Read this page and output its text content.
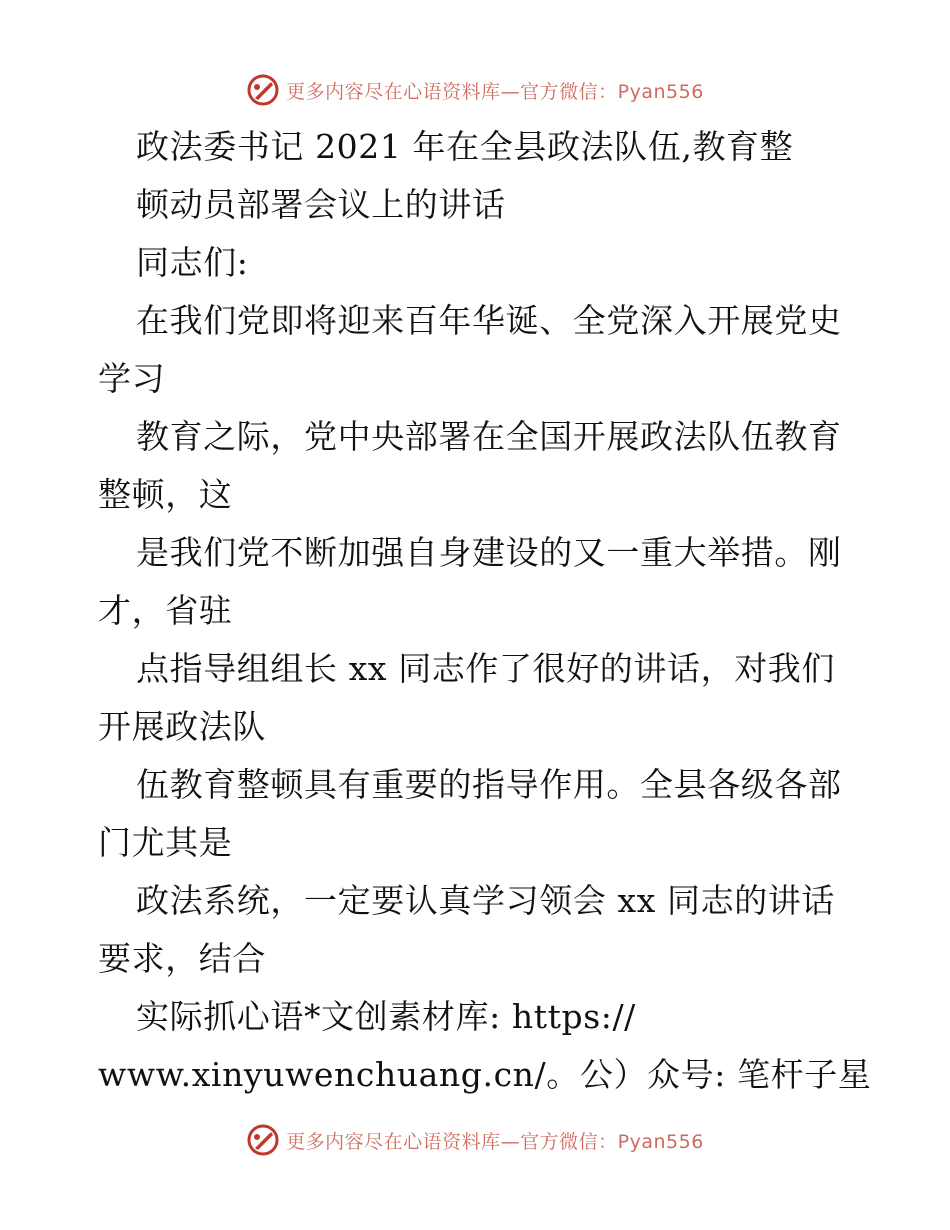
更多内容尽在心语资料库—官方微信：Pyan556
政法委书记 2021 年在全县政法队伍,教育整
顿动员部署会议上的讲话
同志们:
在我们党即将迎来百年华诞、全党深入开展党史
学习
教育之际，党中央部署在全国开展政法队伍教育
整顿，这
是我们党不断加强自身建设的又一重大举措。刚
才，省驻
点指导组组长 xx 同志作了很好的讲话，对我们
开展政法队
伍教育整顿具有重要的指导作用。全县各级各部
门尤其是
政法系统，一定要认真学习领会 xx 同志的讲话
要求，结合
实际抓心语*文创素材库: https://
www.xinyuwenchuang.cn/。公）众号: 笔杆子星
更多内容尽在心语资料库—官方微信：Pyan556
